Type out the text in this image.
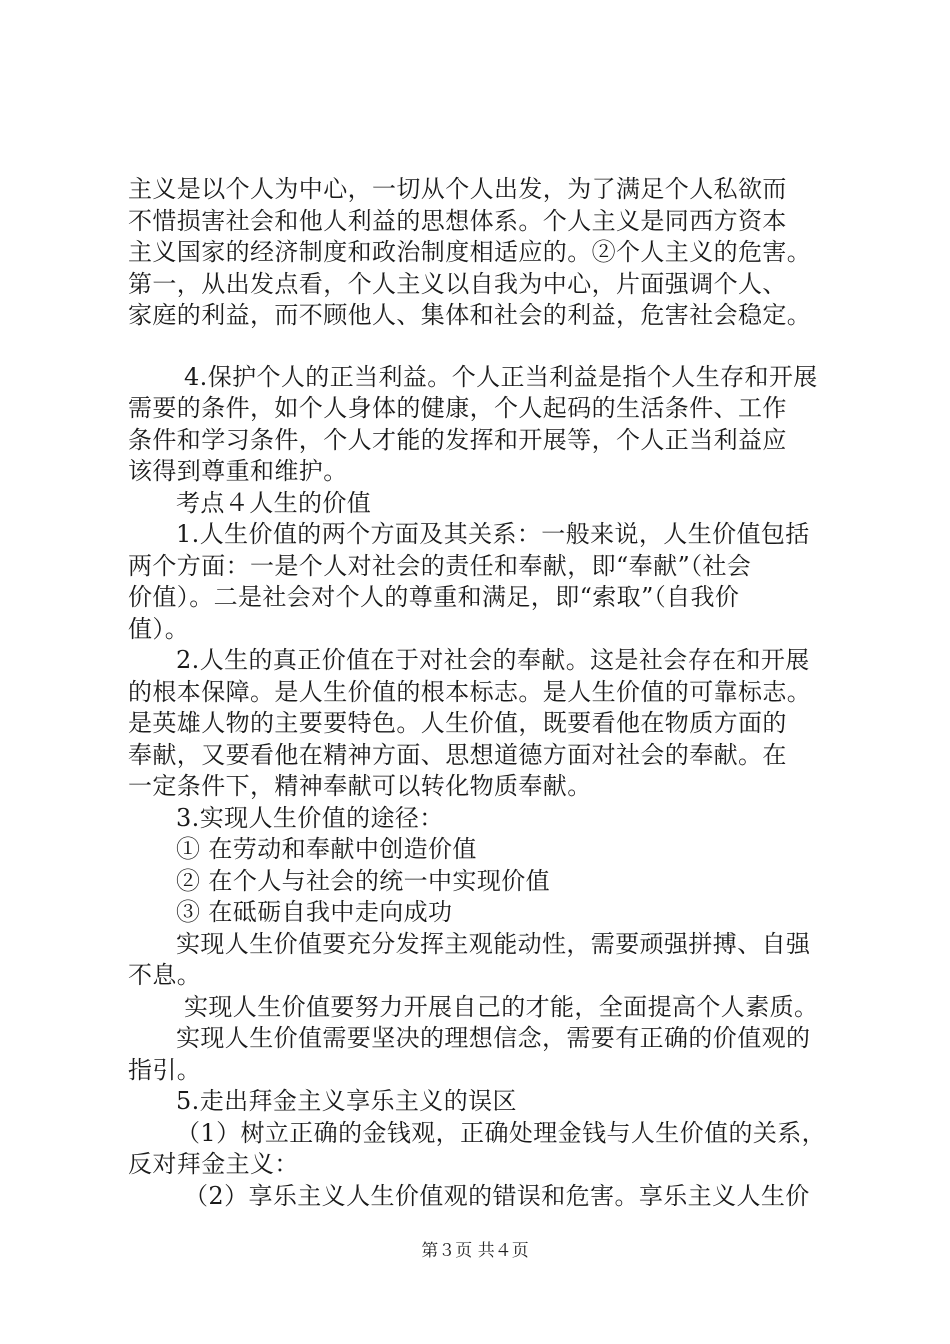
主义是以个人为中心，一切从个人出发，为了满足个人私欲而
不惜损害社会和他人利益的思想体系。个人主义是同西方资本
主义国家的经济制度和政治制度相适应的。②个人主义的危害。
第一，从出发点看，个人主义以自我为中心，片面强调个人、
家庭的利益，而不顾他人、集体和社会的利益，危害社会稳定。
4.保护个人的正当利益。个人正当利益是指个人生存和开展
需要的条件，如个人身体的健康，个人起码的生活条件、工作
条件和学习条件，个人才能的发挥和开展等，个人正当利益应
该得到尊重和维护。
考点４人生的价值
1.人生价值的两个方面及其关系：一般来说，人生价值包括
两个方面：一是个人对社会的责任和奉献，即“奉献”（社会
价值）。二是社会对个人的尊重和满足，即“索取”（自我价
值）。
2.人生的真正价值在于对社会的奉献。这是社会存在和开展
的根本保障。是人生价值的根本标志。是人生价值的可靠标志。
是英雄人物的主要要特色。人生价值，既要看他在物质方面的
奉献，又要看他在精神方面、思想道德方面对社会的奉献。在
一定条件下，精神奉献可以转化物质奉献。
3.实现人生价值的途径：
① 在劳动和奉献中创造价值
② 在个人与社会的统一中实现价值
③ 在砥砺自我中走向成功
实现人生价值要充分发挥主观能动性，需要顽强拼搏、自强
不息。
实现人生价值要努力开展自己的才能，全面提高个人素质。
实现人生价值需要坚决的理想信念，需要有正确的价值观的
指引。
5.走出拜金主义享乐主义的误区
（1）树立正确的金钱观，正确处理金钱与人生价值的关系，
反对拜金主义：
（2）享乐主义人生价值观的错误和危害。享乐主义人生价
第３页 共４页
